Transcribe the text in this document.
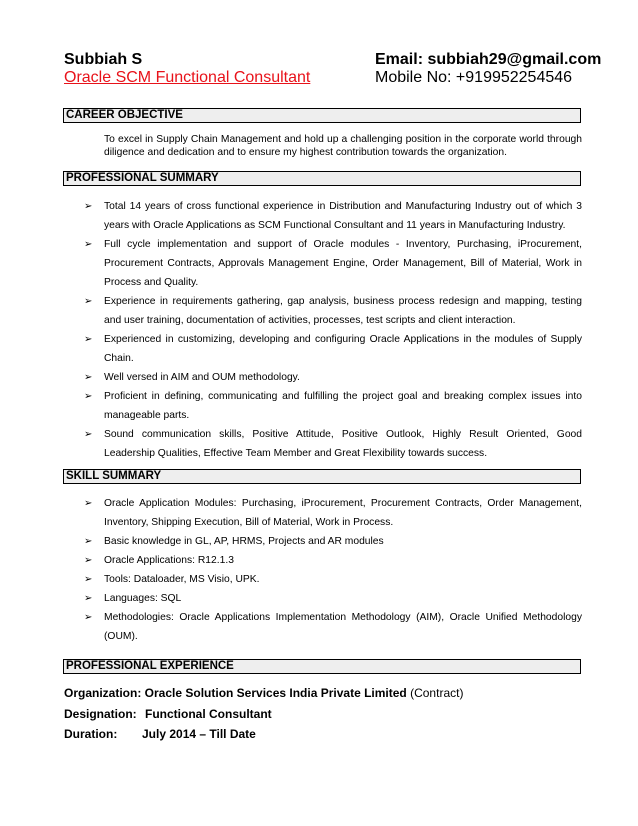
Subbiah S
Oracle SCM Functional Consultant
Email: subbiah29@gmail.com
Mobile No: +919952254546
CAREER OBJECTIVE
To excel in Supply Chain Management and hold up a challenging position in the corporate world through diligence and dedication and to ensure my highest contribution towards the organization.
PROFESSIONAL SUMMARY
➢ Total 14 years of cross functional experience in Distribution and Manufacturing Industry out of which 3 years with Oracle Applications as SCM Functional Consultant and 11 years in Manufacturing Industry.
➢ Full cycle implementation and support of Oracle modules - Inventory, Purchasing, iProcurement, Procurement Contracts, Approvals Management Engine, Order Management, Bill of Material, Work in Process and Quality.
➢ Experience in requirements gathering, gap analysis, business process redesign and mapping, testing and user training, documentation of activities, processes, test scripts and client interaction.
➢ Experienced in customizing, developing and configuring Oracle Applications in the modules of Supply Chain.
➢ Well versed in AIM and OUM methodology.
➢ Proficient in defining, communicating and fulfilling the project goal and breaking complex issues into manageable parts.
➢ Sound communication skills, Positive Attitude, Positive Outlook, Highly Result Oriented, Good Leadership Qualities, Effective Team Member and Great Flexibility towards success.
SKILL SUMMARY
➢ Oracle Application Modules: Purchasing, iProcurement, Procurement Contracts, Order Management, Inventory, Shipping Execution, Bill of Material, Work in Process.
➢ Basic knowledge in GL, AP, HRMS, Projects and AR modules
➢ Oracle Applications: R12.1.3
➢ Tools: Dataloader, MS Visio, UPK.
➢ Languages: SQL
➢ Methodologies: Oracle Applications Implementation Methodology (AIM), Oracle Unified Methodology (OUM).
PROFESSIONAL EXPERIENCE
Organization: Oracle Solution Services India Private Limited (Contract)
Designation: Functional Consultant
Duration: July 2014 – Till Date
